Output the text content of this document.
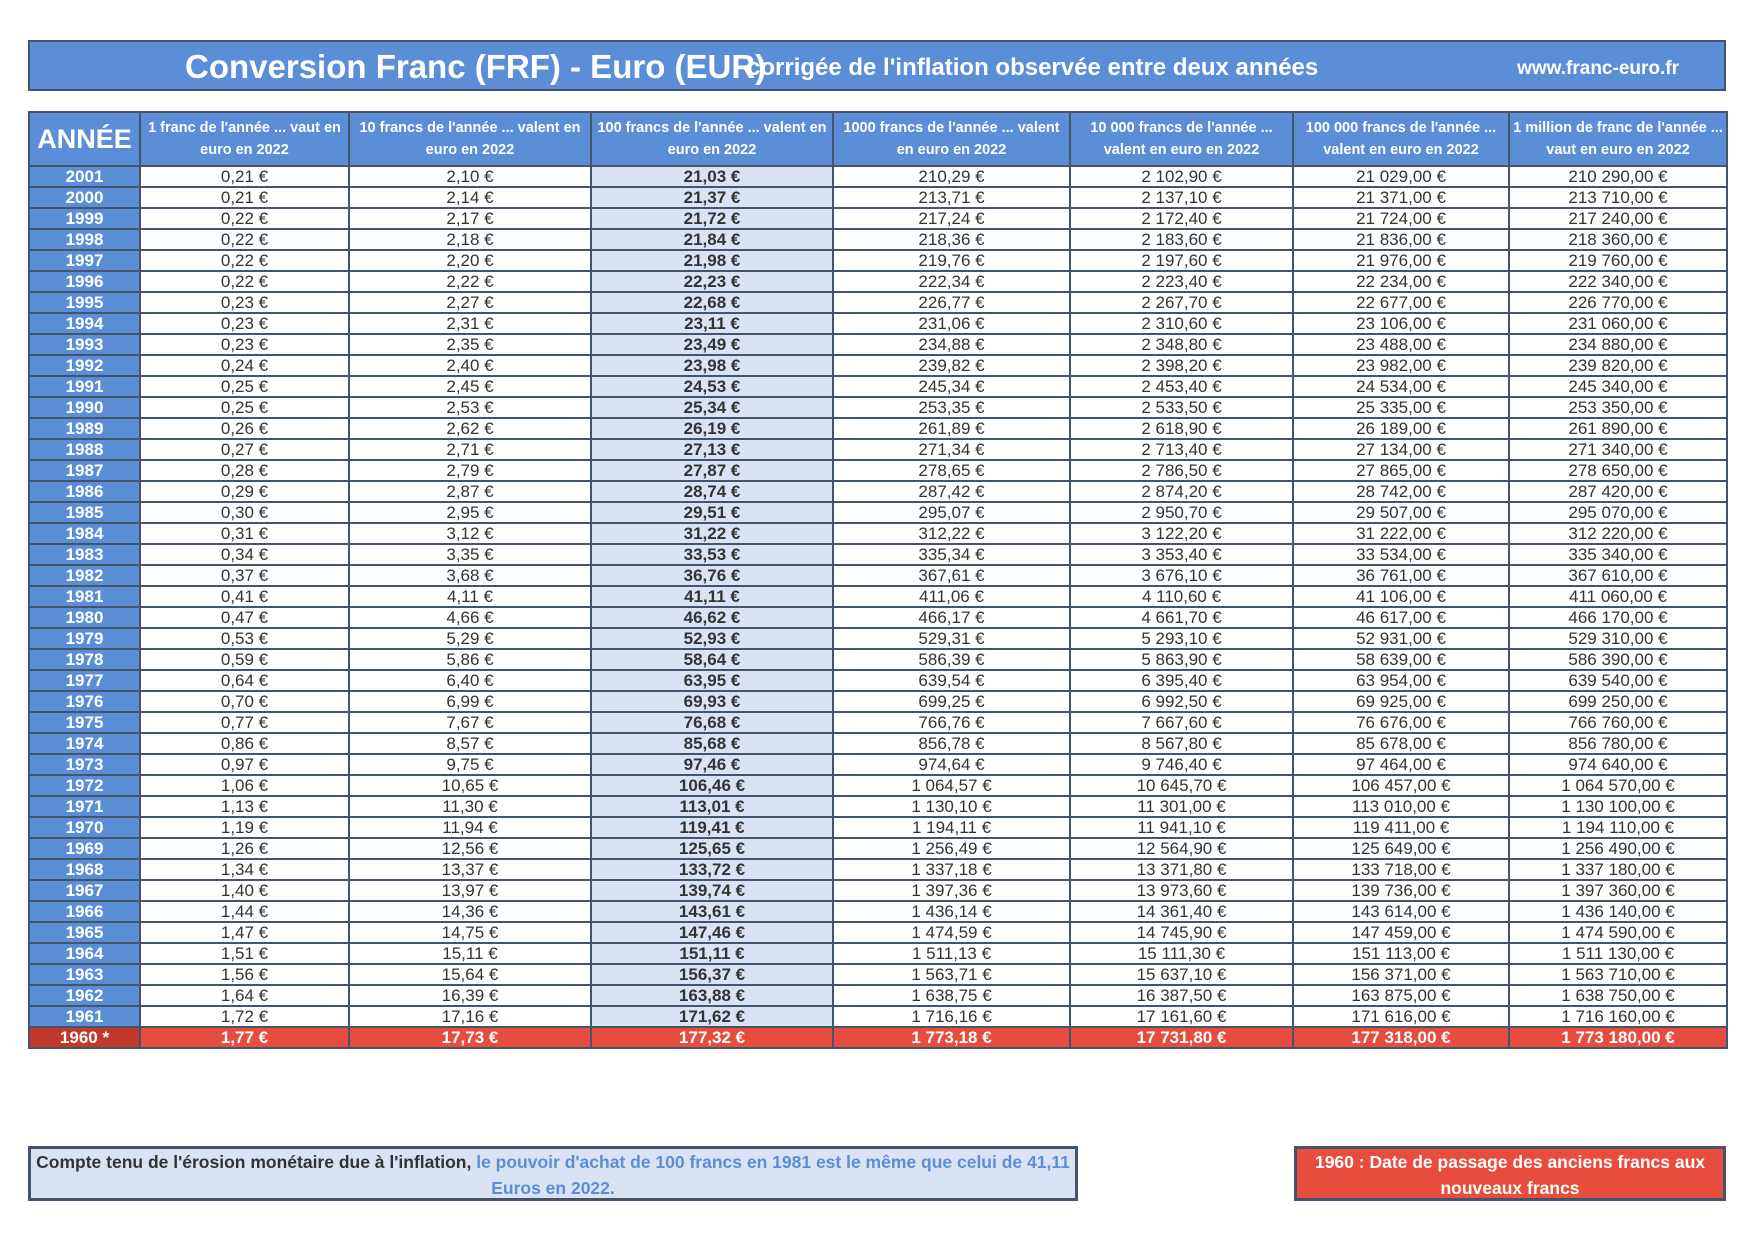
Conversion Franc (FRF) - Euro (EUR)
corrigée de l'inflation observée entre deux années	www.franc-euro.fr
ANNÉE	1 franc de l'année ... vaut en euro en 2022	10 francs de l'année ... valent en euro en 2022	100 francs de l'année ... valent en euro en 2022	1000 francs de l'année ... valent en euro en 2022	10 000 francs de l'année ... valent en euro en 2022	100 000 francs de l'année ... valent en euro en 2022	1 million de franc de l'année ... vaut en euro en 2022
2001	0,21 €	2,10 €	21,03 €	210,29 €	2 102,90 €	21 029,00 €	210 290,00 €
2000	0,21 €	2,14 €	21,37 €	213,71 €	2 137,10 €	21 371,00 €	213 710,00 €
1999	0,22 €	2,17 €	21,72 €	217,24 €	2 172,40 €	21 724,00 €	217 240,00 €
1998	0,22 €	2,18 €	21,84 €	218,36 €	2 183,60 €	21 836,00 €	218 360,00 €
1997	0,22 €	2,20 €	21,98 €	219,76 €	2 197,60 €	21 976,00 €	219 760,00 €
1996	0,22 €	2,22 €	22,23 €	222,34 €	2 223,40 €	22 234,00 €	222 340,00 €
1995	0,23 €	2,27 €	22,68 €	226,77 €	2 267,70 €	22 677,00 €	226 770,00 €
1994	0,23 €	2,31 €	23,11 €	231,06 €	2 310,60 €	23 106,00 €	231 060,00 €
1993	0,23 €	2,35 €	23,49 €	234,88 €	2 348,80 €	23 488,00 €	234 880,00 €
1992	0,24 €	2,40 €	23,98 €	239,82 €	2 398,20 €	23 982,00 €	239 820,00 €
1991	0,25 €	2,45 €	24,53 €	245,34 €	2 453,40 €	24 534,00 €	245 340,00 €
1990	0,25 €	2,53 €	25,34 €	253,35 €	2 533,50 €	25 335,00 €	253 350,00 €
1989	0,26 €	2,62 €	26,19 €	261,89 €	2 618,90 €	26 189,00 €	261 890,00 €
1988	0,27 €	2,71 €	27,13 €	271,34 €	2 713,40 €	27 134,00 €	271 340,00 €
1987	0,28 €	2,79 €	27,87 €	278,65 €	2 786,50 €	27 865,00 €	278 650,00 €
1986	0,29 €	2,87 €	28,74 €	287,42 €	2 874,20 €	28 742,00 €	287 420,00 €
1985	0,30 €	2,95 €	29,51 €	295,07 €	2 950,70 €	29 507,00 €	295 070,00 €
1984	0,31 €	3,12 €	31,22 €	312,22 €	3 122,20 €	31 222,00 €	312 220,00 €
1983	0,34 €	3,35 €	33,53 €	335,34 €	3 353,40 €	33 534,00 €	335 340,00 €
1982	0,37 €	3,68 €	36,76 €	367,61 €	3 676,10 €	36 761,00 €	367 610,00 €
1981	0,41 €	4,11 €	41,11 €	411,06 €	4 110,60 €	41 106,00 €	411 060,00 €
1980	0,47 €	4,66 €	46,62 €	466,17 €	4 661,70 €	46 617,00 €	466 170,00 €
1979	0,53 €	5,29 €	52,93 €	529,31 €	5 293,10 €	52 931,00 €	529 310,00 €
1978	0,59 €	5,86 €	58,64 €	586,39 €	5 863,90 €	58 639,00 €	586 390,00 €
1977	0,64 €	6,40 €	63,95 €	639,54 €	6 395,40 €	63 954,00 €	639 540,00 €
1976	0,70 €	6,99 €	69,93 €	699,25 €	6 992,50 €	69 925,00 €	699 250,00 €
1975	0,77 €	7,67 €	76,68 €	766,76 €	7 667,60 €	76 676,00 €	766 760,00 €
1974	0,86 €	8,57 €	85,68 €	856,78 €	8 567,80 €	85 678,00 €	856 780,00 €
1973	0,97 €	9,75 €	97,46 €	974,64 €	9 746,40 €	97 464,00 €	974 640,00 €
1972	1,06 €	10,65 €	106,46 €	1 064,57 €	10 645,70 €	106 457,00 €	1 064 570,00 €
1971	1,13 €	11,30 €	113,01 €	1 130,10 €	11 301,00 €	113 010,00 €	1 130 100,00 €
1970	1,19 €	11,94 €	119,41 €	1 194,11 €	11 941,10 €	119 411,00 €	1 194 110,00 €
1969	1,26 €	12,56 €	125,65 €	1 256,49 €	12 564,90 €	125 649,00 €	1 256 490,00 €
1968	1,34 €	13,37 €	133,72 €	1 337,18 €	13 371,80 €	133 718,00 €	1 337 180,00 €
1967	1,40 €	13,97 €	139,74 €	1 397,36 €	13 973,60 €	139 736,00 €	1 397 360,00 €
1966	1,44 €	14,36 €	143,61 €	1 436,14 €	14 361,40 €	143 614,00 €	1 436 140,00 €
1965	1,47 €	14,75 €	147,46 €	1 474,59 €	14 745,90 €	147 459,00 €	1 474 590,00 €
1964	1,51 €	15,11 €	151,11 €	1 511,13 €	15 111,30 €	151 113,00 €	1 511 130,00 €
1963	1,56 €	15,64 €	156,37 €	1 563,71 €	15 637,10 €	156 371,00 €	1 563 710,00 €
1962	1,64 €	16,39 €	163,88 €	1 638,75 €	16 387,50 €	163 875,00 €	1 638 750,00 €
1961	1,72 €	17,16 €	171,62 €	1 716,16 €	17 161,60 €	171 616,00 €	1 716 160,00 €
1960 *	1,77 €	17,73 €	177,32 €	1 773,18 €	17 731,80 €	177 318,00 €	1 773 180,00 €
Compte tenu de l'érosion monétaire due à l'inflation, le pouvoir d'achat de 100 francs en 1981 est le même que celui de 41,11 Euros en 2022.
1960 : Date de passage des anciens francs aux nouveaux francs
